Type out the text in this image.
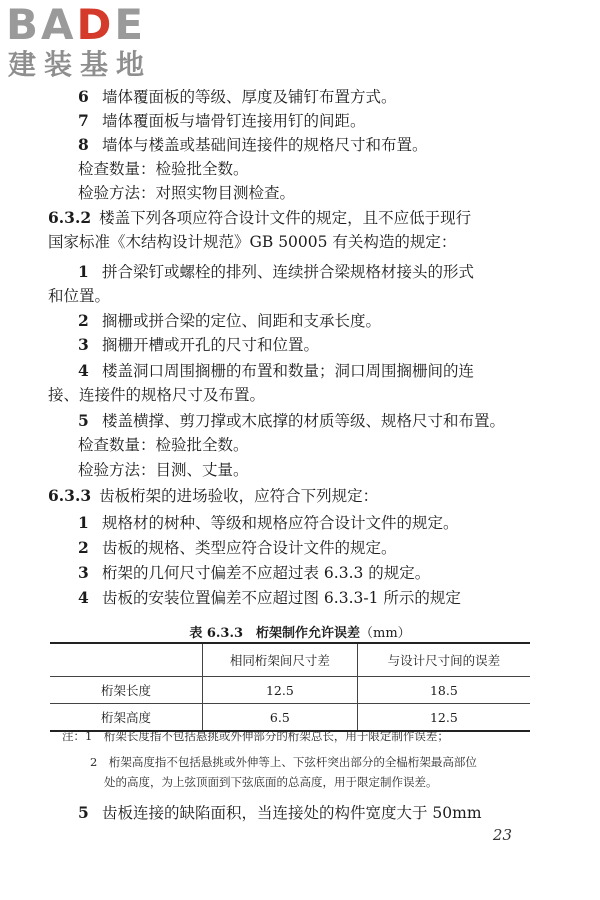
BADE
建装基地
6 墙体覆面板的等级、厚度及铺钉布置方式。
7 墙体覆面板与墙骨钉连接用钉的间距。
8 墙体与楼盖或基础间连接件的规格尺寸和布置。
检查数量：检验批全数。
检验方法：对照实物目测检查。
6.3.2 楼盖下列各项应符合设计文件的规定，且不应低于现行
国家标准《木结构设计规范》GB 50005 有关构造的规定：
1 拼合梁钉或螺栓的排列、连续拼合梁规格材接头的形式
和位置。
2 搁栅或拼合梁的定位、间距和支承长度。
3 搁栅开槽或开孔的尺寸和位置。
4 楼盖洞口周围搁栅的布置和数量；洞口周围搁栅间的连
接、连接件的规格尺寸及布置。
5 楼盖横撑、剪刀撑或木底撑的材质等级、规格尺寸和布置。
检查数量：检验批全数。
检验方法：目测、丈量。
6.3.3 齿板桁架的进场验收，应符合下列规定：
1 规格材的树种、等级和规格应符合设计文件的规定。
2 齿板的规格、类型应符合设计文件的规定。
3 桁架的几何尺寸偏差不应超过表 6.3.3 的规定。
4 齿板的安装位置偏差不应超过图 6.3.3-1 所示的规定
表 6.3.3　桁架制作允许误差（mm）
	相同桁架间尺寸差	与设计尺寸间的误差
桁架长度	12.5	18.5
桁架高度	6.5	12.5
注：1　桁架长度指不包括悬挑或外伸部分的桁架总长，用于限定制作误差；
2　桁架高度指不包括悬挑或外伸等上、下弦杆突出部分的全榀桁架最高部位
处的高度，为上弦顶面到下弦底面的总高度，用于限定制作误差。
5 齿板连接的缺陷面积，当连接处的构件宽度大于 50mm
23
